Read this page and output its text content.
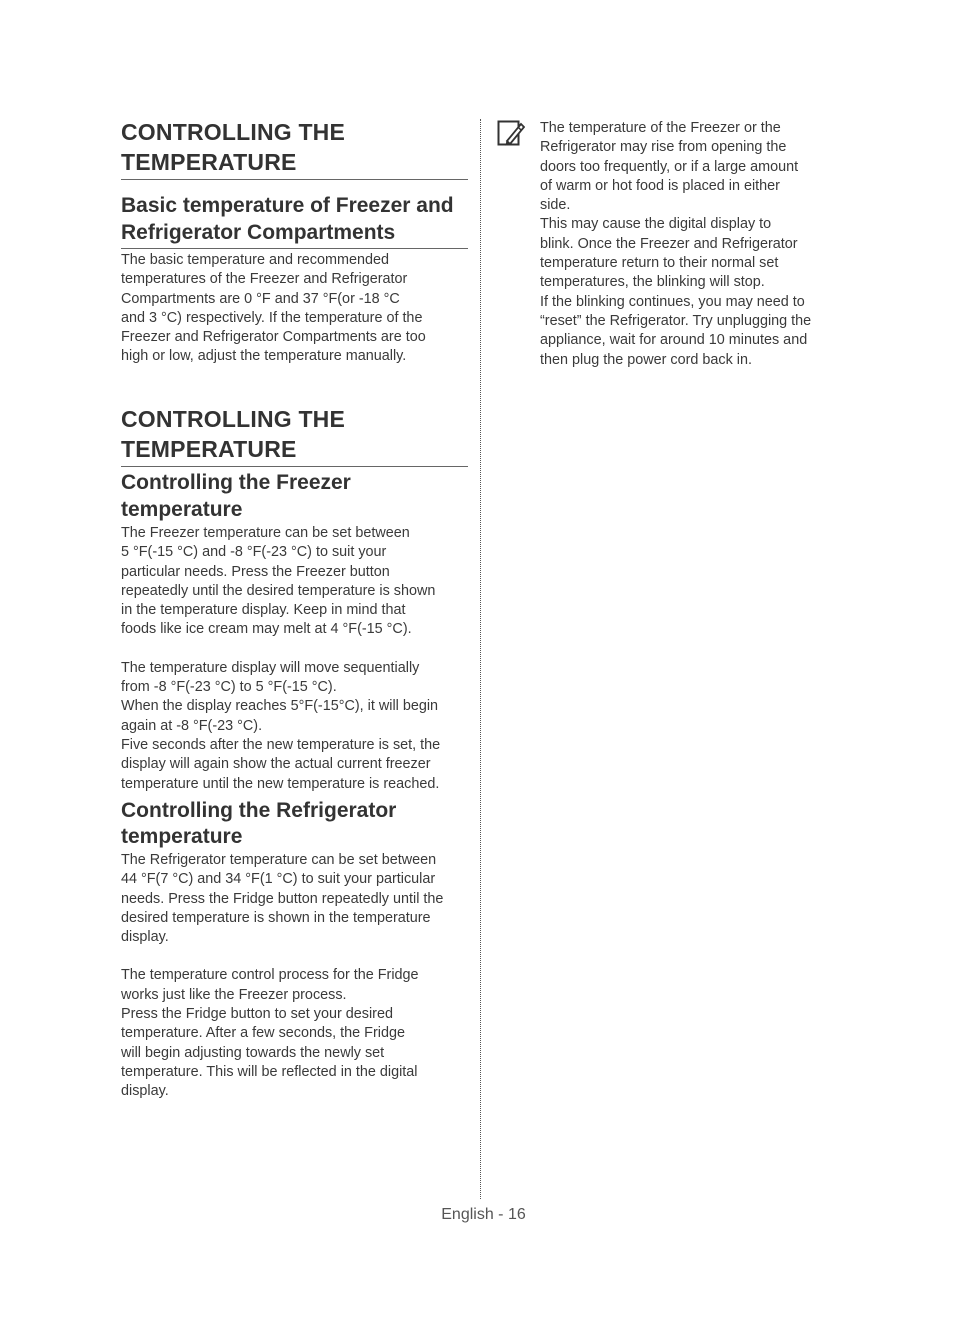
CONTROLLING THE
TEMPERATURE
Basic temperature of Freezer and Refrigerator Compartments

The basic temperature and recommended
temperatures of the Freezer and Refrigerator
Compartments are 0 °F and 37 °F(or -18 °C
and 3 °C) respectively. If the temperature of the
Freezer and Refrigerator Compartments are too
high or low, adjust the temperature manually.

CONTROLLING THE
TEMPERATURE
Controlling the Freezer temperature

The Freezer temperature can be set between
5 °F(-15 °C) and -8 °F(-23 °C) to suit your
particular needs. Press the Freezer button
repeatedly until the desired temperature is shown
in the temperature display. Keep in mind that
foods like ice cream may melt at 4 °F(-15 °C).

The temperature display will move sequentially
from -8 °F(-23 °C) to 5 °F(-15 °C).
When the display reaches 5°F(-15°C), it will begin
again at -8 °F(-23 °C).
Five seconds after the new temperature is set, the
display will again show the actual current freezer
temperature until the new temperature is reached.

Controlling the Refrigerator
temperature

The Refrigerator temperature can be set between
44 °F(7 °C) and 34 °F(1 °C) to suit your particular
needs. Press the Fridge button repeatedly until the
desired temperature is shown in the temperature
display.

The temperature control process for the Fridge
works just like the Freezer process.
Press the Fridge button to set your desired
temperature. After a few seconds, the Fridge
will begin adjusting towards the newly set
temperature. This will be reflected in the digital
display.

The temperature of the Freezer or the
Refrigerator may rise from opening the
doors too frequently, or if a large amount
of warm or hot food is placed in either
side.
This may cause the digital display to
blink. Once the Freezer and Refrigerator
temperature return to their normal set
temperatures, the blinking will stop.
If the blinking continues, you may need to
“reset” the Refrigerator. Try unplugging the
appliance, wait for around 10 minutes and
then plug the power cord back in.

English - 16
